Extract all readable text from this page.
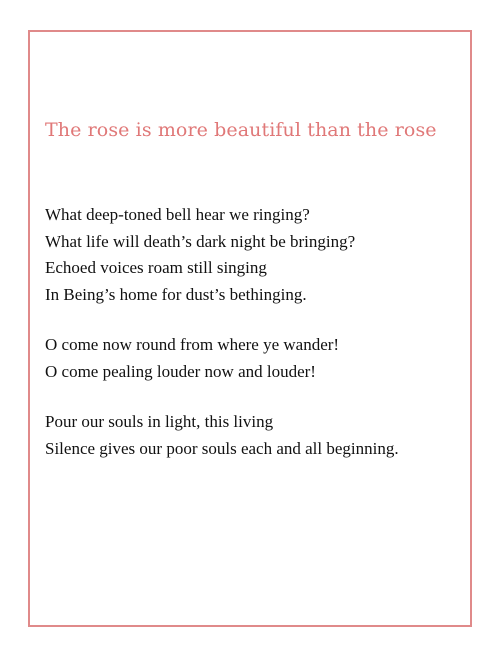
The rose is more beautiful than the rose
What deep-toned bell hear we ringing?
What life will death’s dark night be bringing?
Echoed voices roam still singing
In Being’s home for dust’s bethinging.
O come now round from where ye wander!
O come pealing louder now and louder!
Pour our souls in light, this living
Silence gives our poor souls each and all beginning.
